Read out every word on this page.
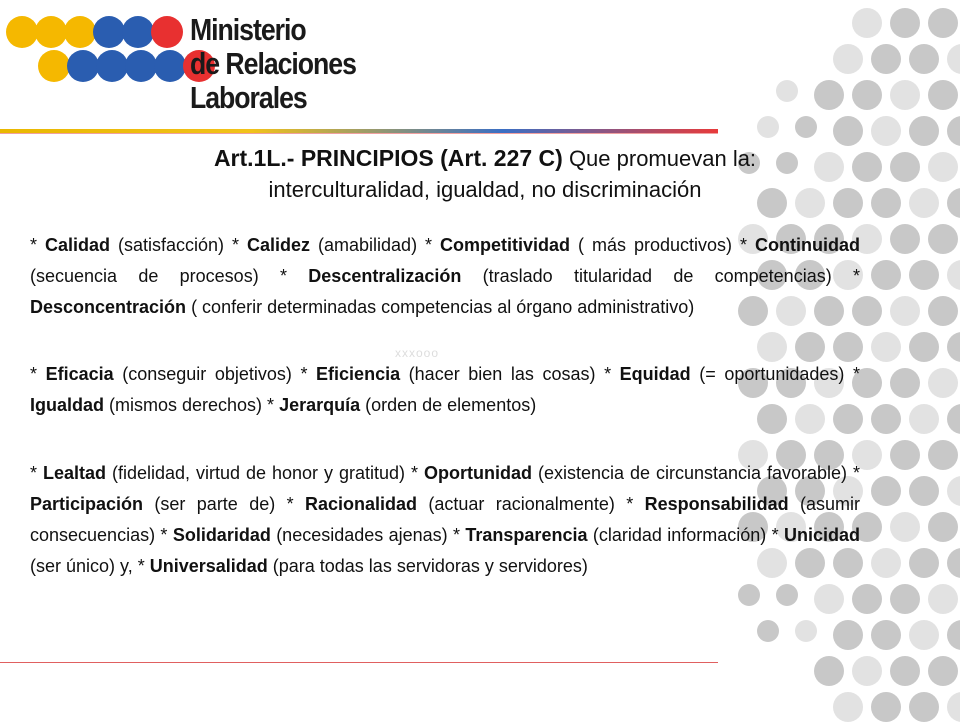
Ministerio
de Relaciones
Laborales
Art.1L.- PRINCIPIOS (Art. 227 C) Que promuevan la:
interculturalidad, igualdad, no discriminación
* Calidad (satisfacción) * Calidez (amabilidad) * Competitividad ( más productivos) * Continuidad (secuencia de procesos) * Descentralización (traslado titularidad de competencias) * Desconcentración ( conferir determinadas competencias al órgano administrativo)
xxxooo
* Eficacia (conseguir objetivos) * Eficiencia (hacer bien las cosas) * Equidad (= oportunidades) * Igualdad (mismos derechos) * Jerarquía (orden de elementos)
* Lealtad (fidelidad, virtud de honor y gratitud) * Oportunidad (existencia de circunstancia favorable) * Participación (ser parte de) * Racionalidad (actuar racionalmente) * Responsabilidad (asumir consecuencias) * Solidaridad (necesidades ajenas) * Transparencia (claridad información) * Unicidad (ser único) y, * Universalidad (para todas las servidoras y servidores)
